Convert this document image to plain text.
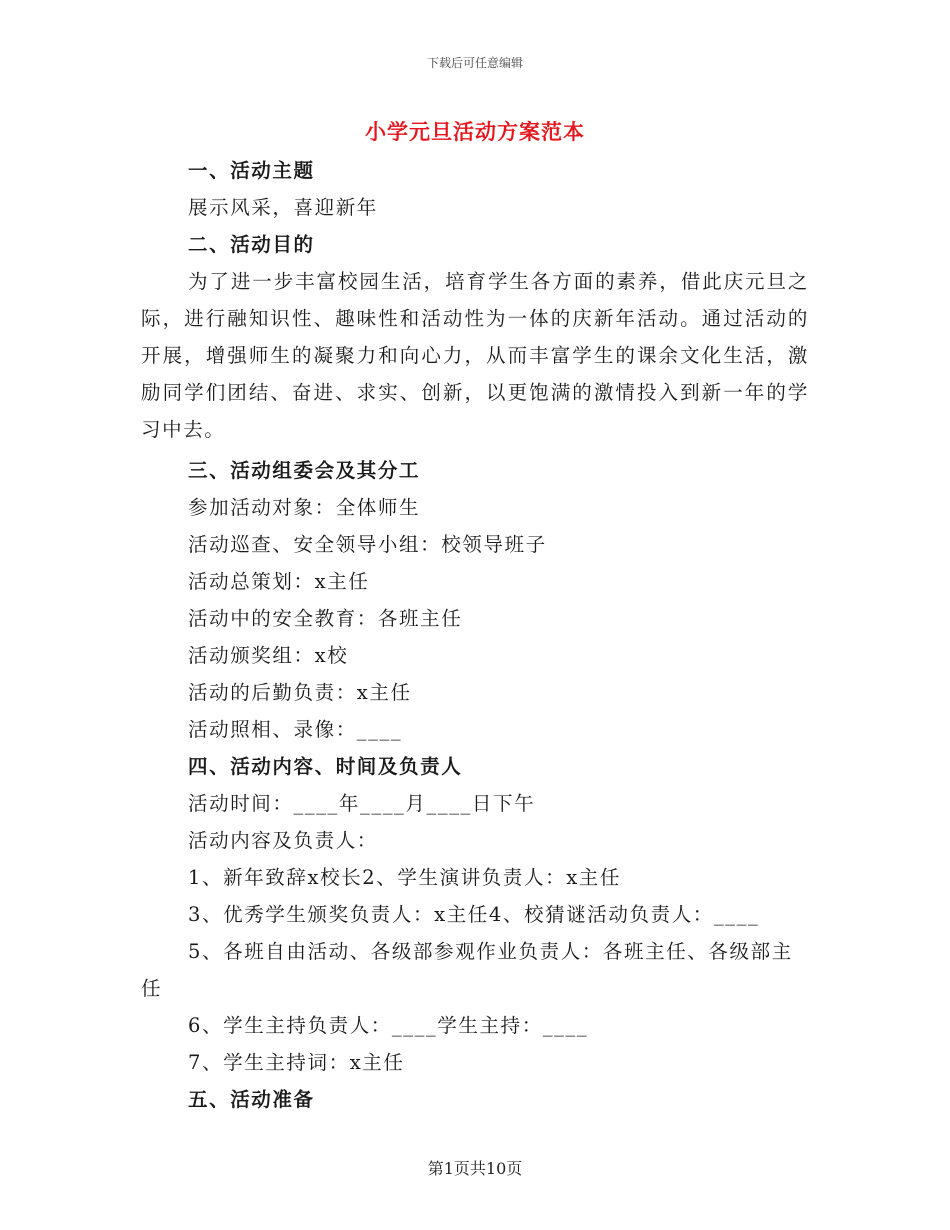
下载后可任意编辑
小学元旦活动方案范本
一、活动主题
展示风采，喜迎新年
二、活动目的
为了进一步丰富校园生活，培育学生各方面的素养，借此庆元旦之际，进行融知识性、趣味性和活动性为一体的庆新年活动。通过活动的开展，增强师生的凝聚力和向心力，从而丰富学生的课余文化生活，激励同学们团结、奋进、求实、创新，以更饱满的激情投入到新一年的学习中去。
三、活动组委会及其分工
参加活动对象：全体师生
活动巡查、安全领导小组：校领导班子
活动总策划：x主任
活动中的安全教育：各班主任
活动颁奖组：x校
活动的后勤负责：x主任
活动照相、录像：____
四、活动内容、时间及负责人
活动时间：____年____月____日下午
活动内容及负责人：
1、新年致辞x校长2、学生演讲负责人：x主任
3、优秀学生颁奖负责人：x主任4、校猜谜活动负责人：____
5、各班自由活动、各级部参观作业负责人：各班主任、各级部主任
6、学生主持负责人：____学生主持：____
7、学生主持词：x主任
五、活动准备
第1页共10页
